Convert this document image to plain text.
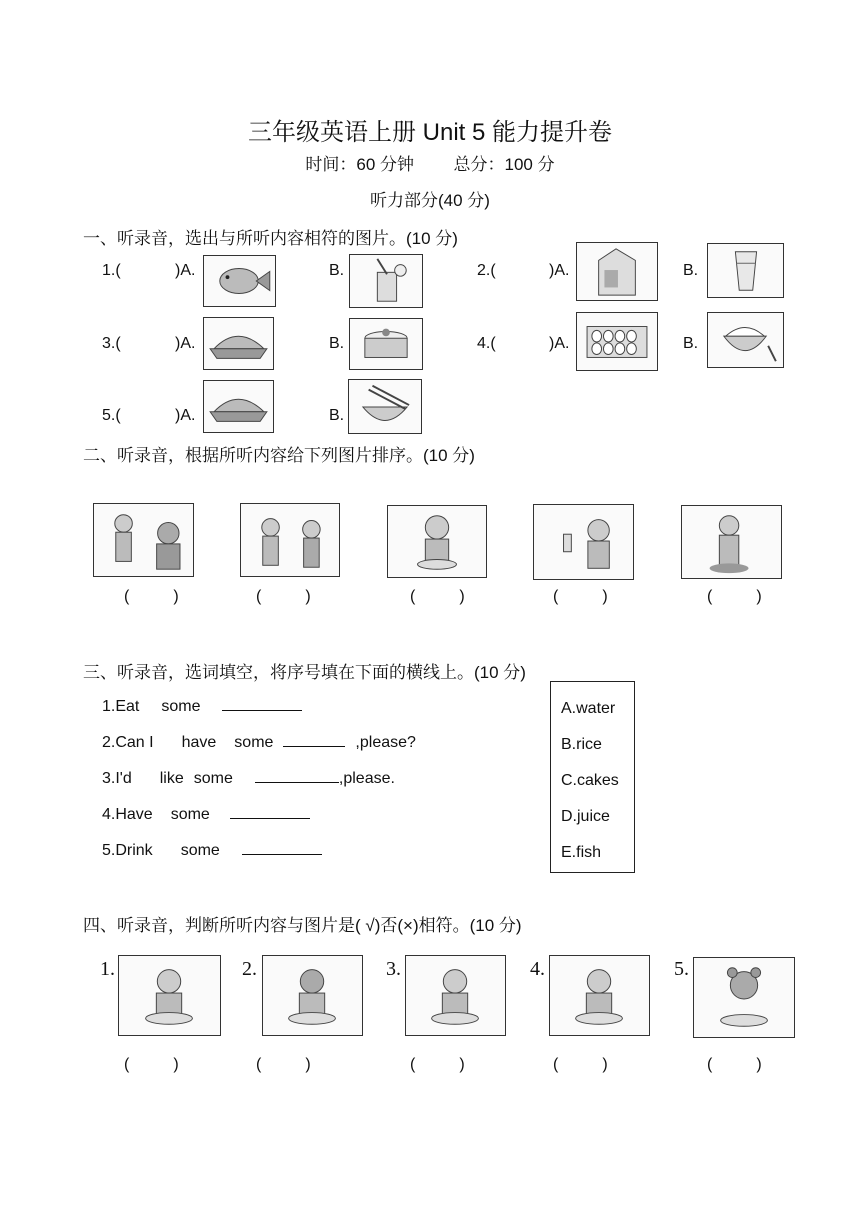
三年级英语上册 Unit 5 能力提升卷
时间：60 分钟 总分：100 分
听力部分(40 分)
一、听录音，选出与所听内容相符的图片。(10 分)
1.(	)A.	B.	2.(	)A.	B.
3.(	)A.	B.	4.(	)A.	B.
5.(	)A.	B.
二、听录音，根据所听内容给下列图片排序。(10 分)
(	)	(	)	(	)	(	)	(	)
三、听录音，选词填空，将序号填在下面的横线上。(10 分)
1.Eat some
2.Can I have some	,please?
3.I'd like some	,please.
4.Have some
5.Drink some
A.water
B.rice
C.cakes
D.juice
E.fish
四、听录音，判断所听内容与图片是( √)否(×)相符。(10 分)
1.	2.	3.	4.	5.
(	)	(	)	(	)	(	)	(	)
